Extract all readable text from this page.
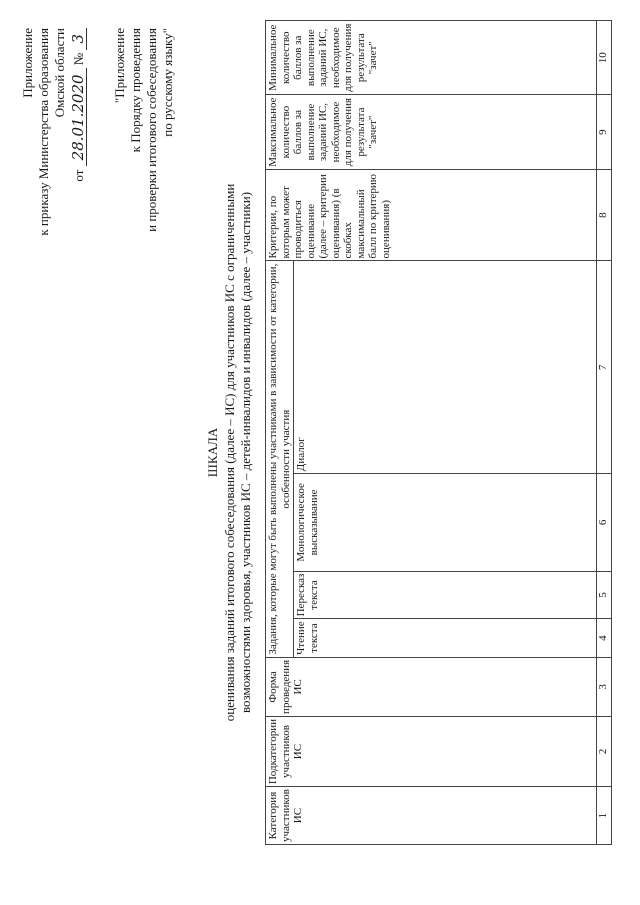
Приложение к приказу Министерства образования Омской области
от 28.01.2020 № 3 "Приложение к Порядку проведения и проверки итогового собеседования по русскому языку"
ШКАЛА оценивания заданий итогового собеседования (далее – ИС) для участников ИС с ограниченными возможностями здоровья, участников ИС – детей-инвалидов и инвалидов (далее – участники)
Категория участников ИС	Подкатегории участников ИС	Форма проведения ИС	Задания, которые могут быть выполнены участниками в зависимости от категории, особенности участия				Критерии, по которым может проводиться оценивание (далее – критерии оценивания) (в скобках максимальный балл по критерию оценивания)	Максимальное количество баллов за выполнение заданий ИС, необходимое для получения результата "зачет"	Минимальное количество баллов за выполнение заданий ИС, необходимое для получения результата "зачет"
			Чтение текста	Пересказ текста	Монологическое высказывание	Диалог			
1	2	3	4	5	6	7	8	9	10
